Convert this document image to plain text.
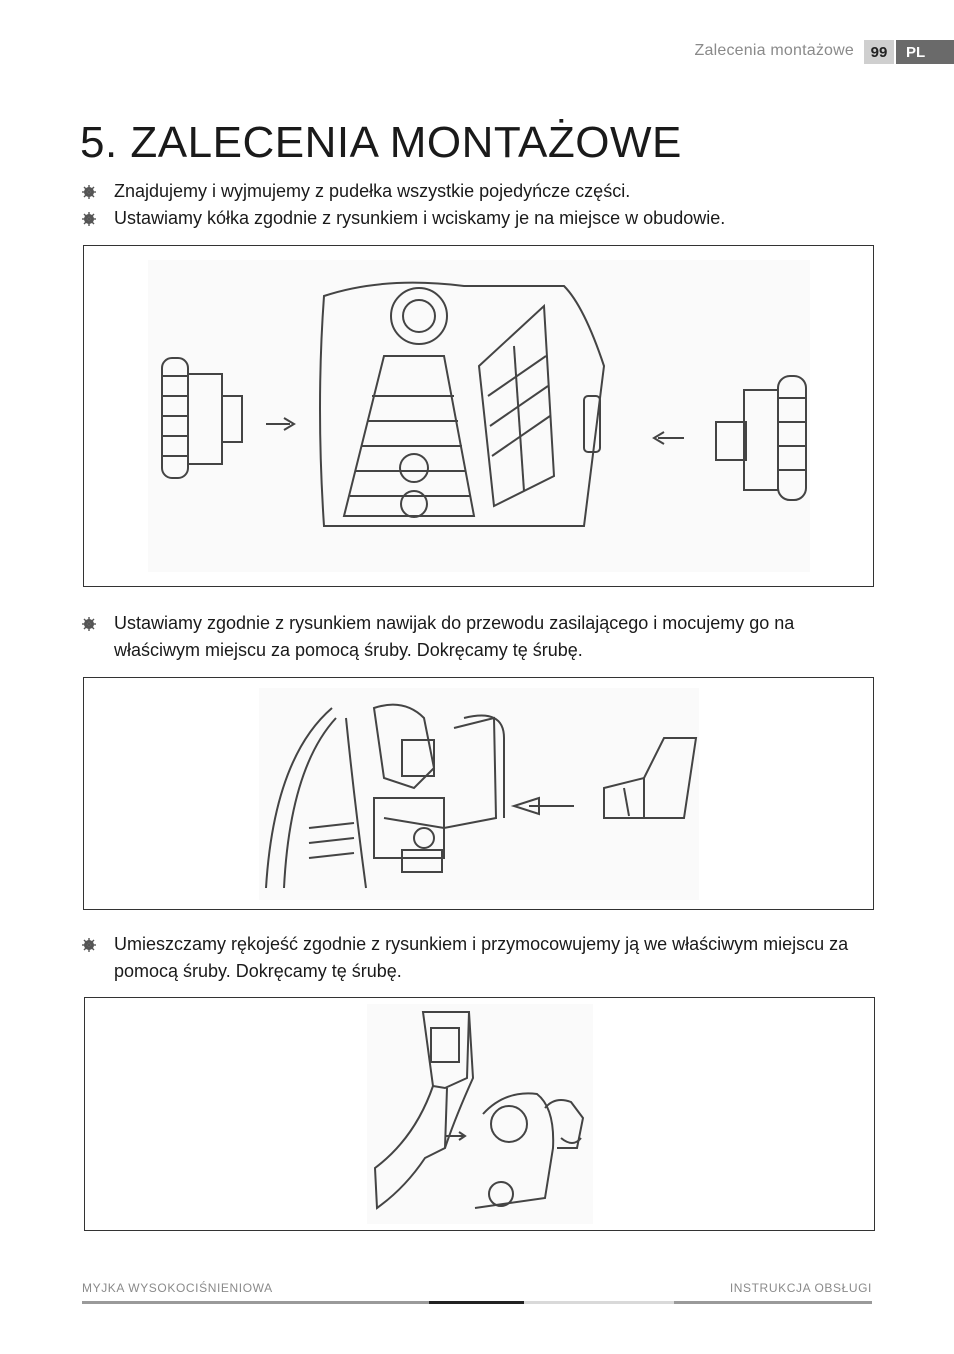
Zalecenia montażowe	99	PL
5. ZALECENIA MONTAŻOWE
Znajdujemy i wyjmujemy z pudełka wszystkie pojedyńcze części.
Ustawiamy kółka zgodnie z rysunkiem i wciskamy je na miejsce w obudowie.
Ustawiamy zgodnie z rysunkiem nawijak do przewodu zasilającego i mocujemy go na właściwym miejscu za pomocą śruby. Dokręcamy tę śrubę.
Umieszczamy rękojeść zgodnie z rysunkiem i przymocowujemy ją we właściwym miejscu za pomocą śruby. Dokręcamy tę śrubę.
MYJKA WYSOKOCIŚNIENIOWA	INSTRUKCJA OBSŁUGI
